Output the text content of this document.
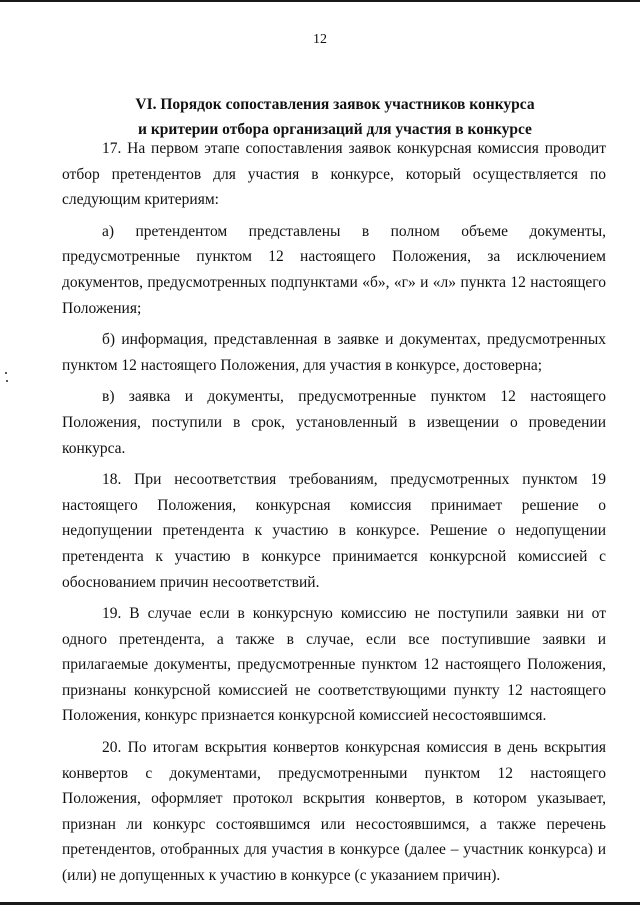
12
VI. Порядок сопоставления заявок участников конкурса
и критерии отбора организаций для участия в конкурсе

17. На первом этапе сопоставления заявок конкурсная комиссия проводит отбор претендентов для участия в конкурсе, который осуществляется по следующим критериям:

а) претендентом представлены в полном объеме документы, предусмотренные пунктом 12 настоящего Положения, за исключением документов, предусмотренных подпунктами «б», «г» и «л» пункта 12 настоящего Положения;

б) информация, представленная в заявке и документах, предусмотренных пунктом 12 настоящего Положения, для участия в конкурсе, достоверна;

в) заявка и документы, предусмотренные пунктом 12 настоящего Положения, поступили в срок, установленный в извещении о проведении конкурса.

18. При несоответствия требованиям, предусмотренных пунктом 19 настоящего Положения, конкурсная комиссия принимает решение о недопущении претендента к участию в конкурсе. Решение о недопущении претендента к участию в конкурсе принимается конкурсной комиссией с обоснованием причин несоответствий.

19. В случае если в конкурсную комиссию не поступили заявки ни от одного претендента, а также в случае, если все поступившие заявки и прилагаемые документы, предусмотренные пунктом 12 настоящего Положения, признаны конкурсной комиссией не соответствующими пункту 12 настоящего Положения, конкурс признается конкурсной комиссией несостоявшимся.

20. По итогам вскрытия конвертов конкурсная комиссия в день вскрытия конвертов с документами, предусмотренными пунктом 12 настоящего Положения, оформляет протокол вскрытия конвертов, в котором указывает, признан ли конкурс состоявшимся или несостоявшимся, а также перечень претендентов, отобранных для участия в конкурсе (далее – участник конкурса) и (или) не допущенных к участию в конкурсе (с указанием причин).
